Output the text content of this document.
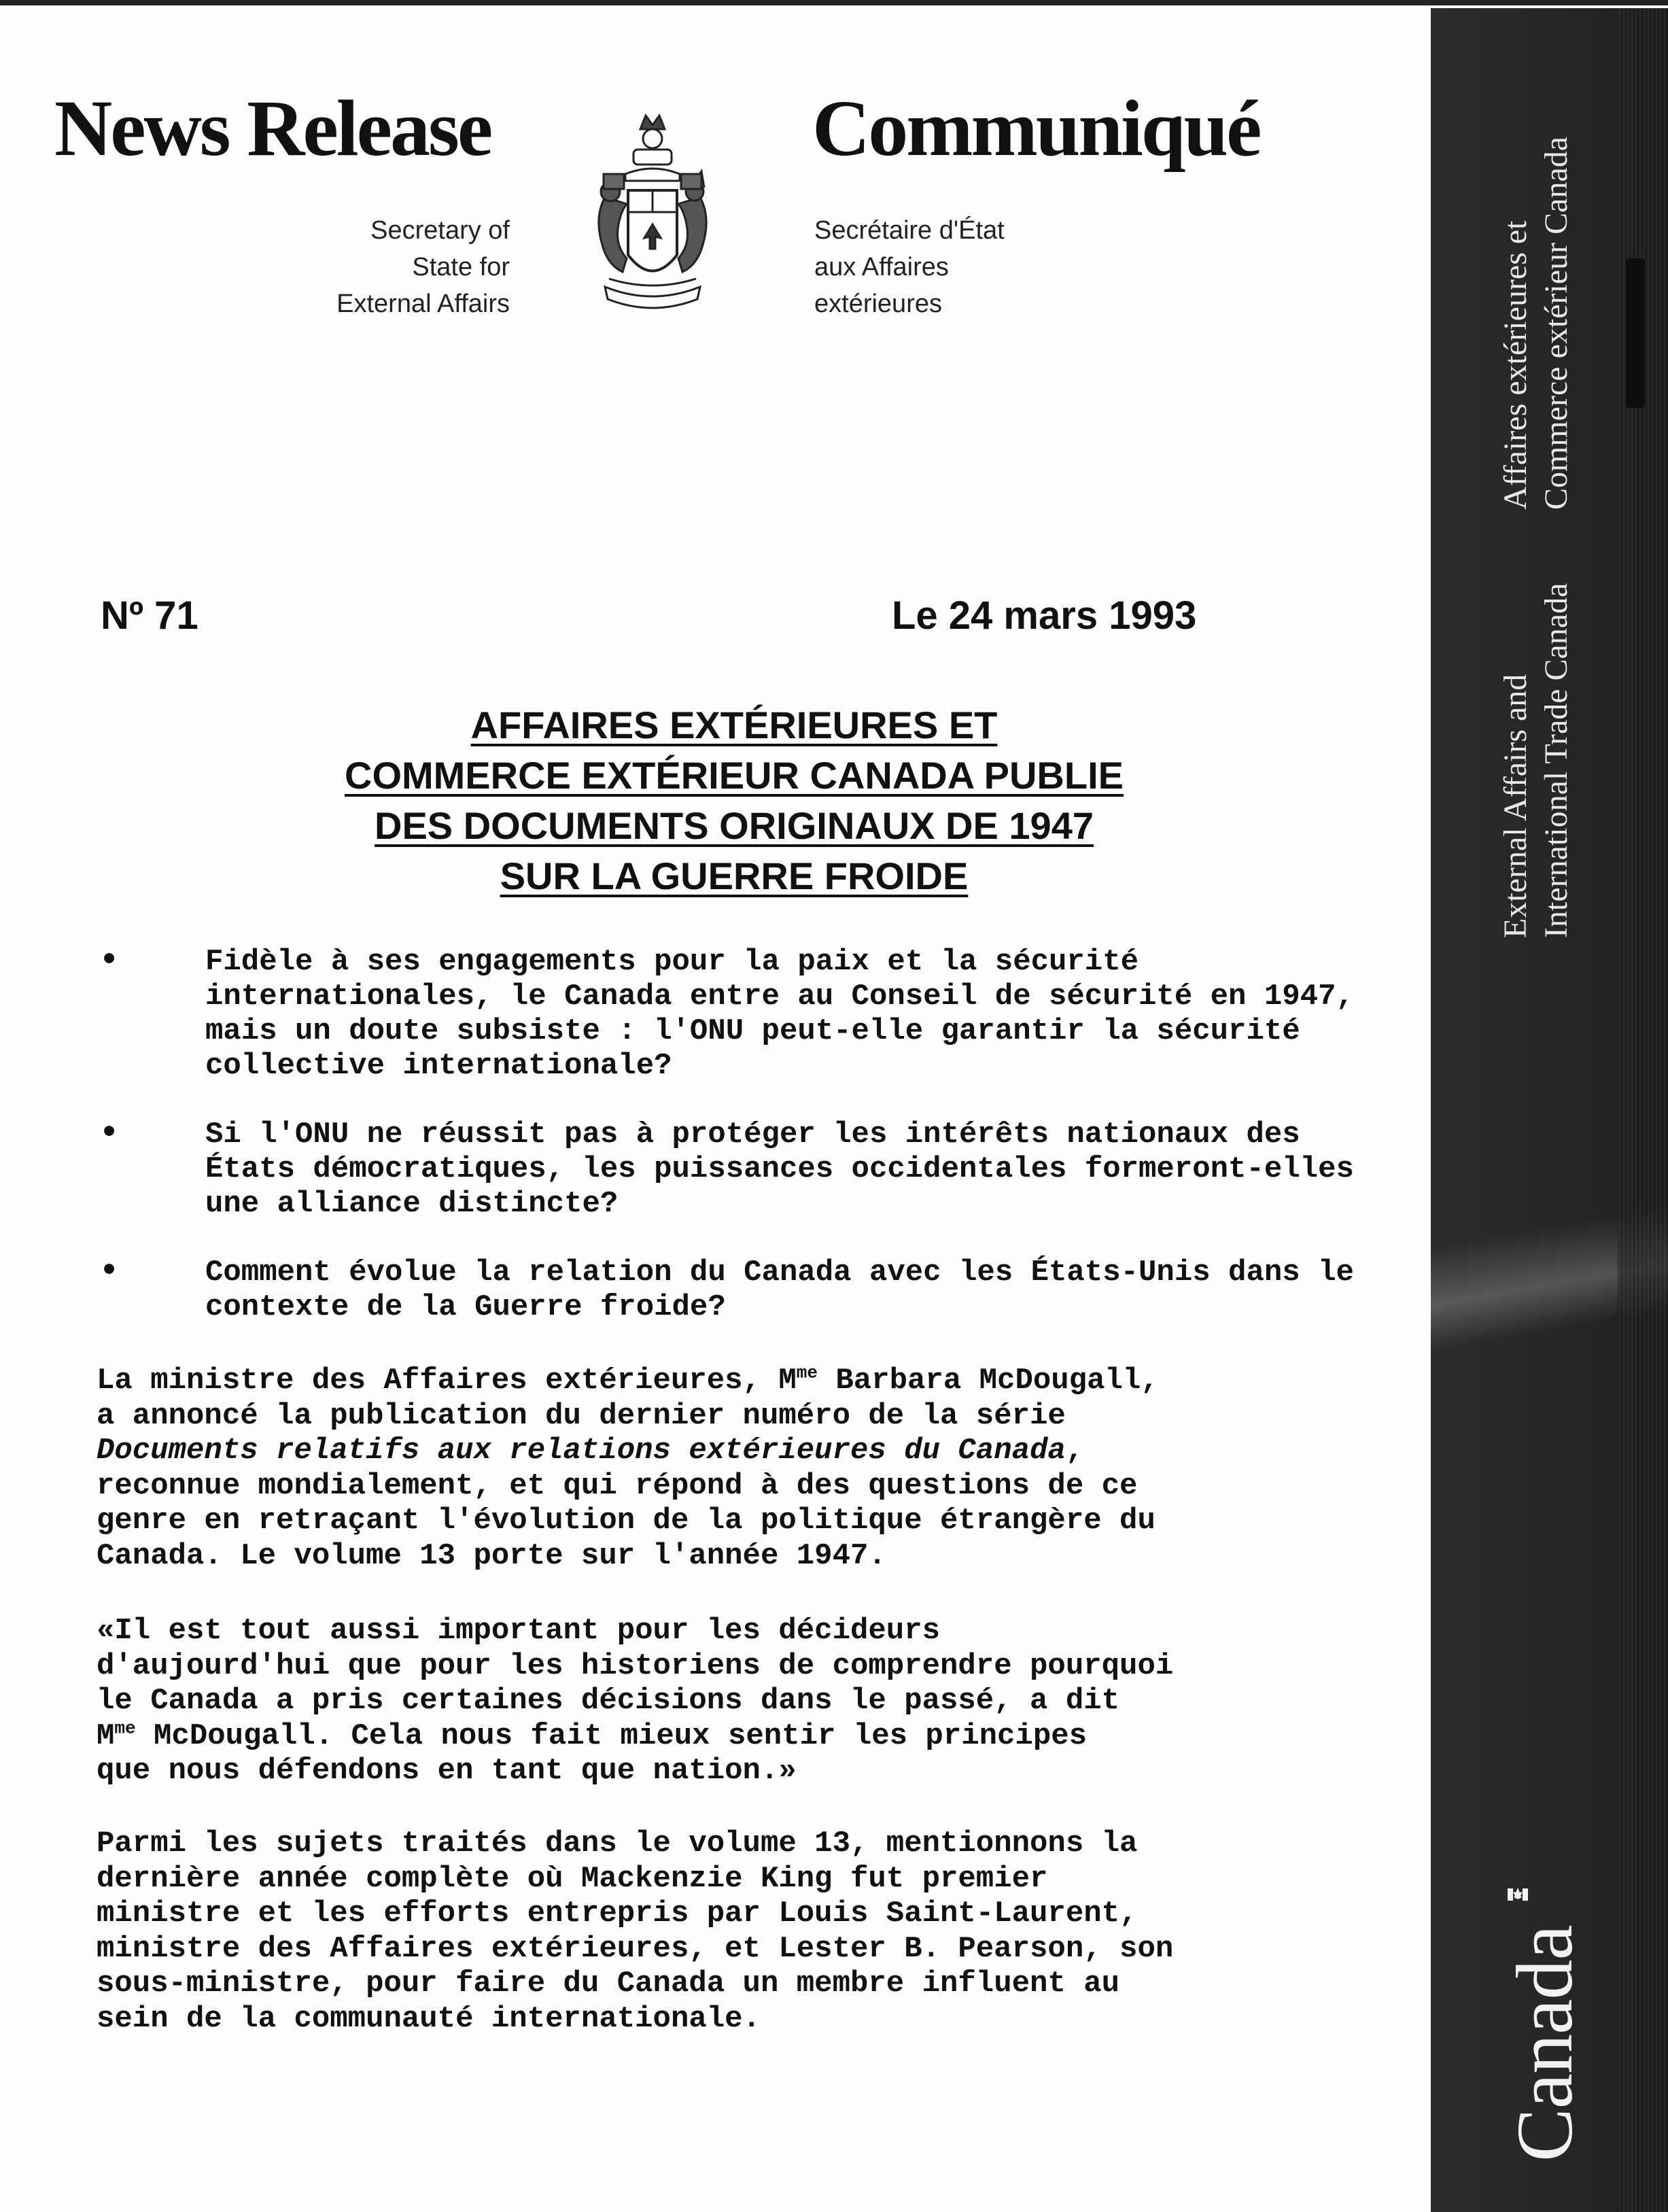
News Release	Communiqué
Secretary of
State for
External Affairs
Secrétaire d'État
aux Affaires
extérieures	Affaires extérieures et Commerce extérieur Canada
External Affairs and International Trade Canada
Canada
Nº 71	Le 24 mars 1993
AFFAIRES EXTÉRIEURES ET
COMMERCE EXTÉRIEUR CANADA PUBLIE
DES DOCUMENTS ORIGINAUX DE 1947
SUR LA GUERRE FROIDE
• Fidèle à ses engagements pour la paix et la sécurité internationales, le Canada entre au Conseil de sécurité en 1947, mais un doute subsiste : l'ONU peut-elle garantir la sécurité collective internationale?
• Si l'ONU ne réussit pas à protéger les intérêts nationaux des États démocratiques, les puissances occidentales formeront-elles une alliance distincte?
• Comment évolue la relation du Canada avec les États-Unis dans le contexte de la Guerre froide?
La ministre des Affaires extérieures, $M^{me}$ Barbara McDougall,
a annoncé la publication du dernier numéro de la série
Documents relatifs aux relations extérieures du Canada,
reconnue mondialement, et qui répond à des questions de ce
genre en retraçant l'évolution de la politique étrangère du
Canada. Le volume 13 porte sur l'année 1947.
«Il est tout aussi important pour les décideurs
d'aujourd'hui que pour les historiens de comprendre pourquoi
le Canada a pris certaines décisions dans le passé, a dit
$M^{me}$ McDougall. Cela nous fait mieux sentir les principes
que nous défendons en tant que nation.»
Parmi les sujets traités dans le volume 13, mentionnons la
dernière année complète où Mackenzie King fut premier
ministre et les efforts entrepris par Louis Saint-Laurent,
ministre des Affaires extérieures, et Lester B. Pearson, son
sous-ministre, pour faire du Canada un membre influent au
sein de la communauté internationale.
